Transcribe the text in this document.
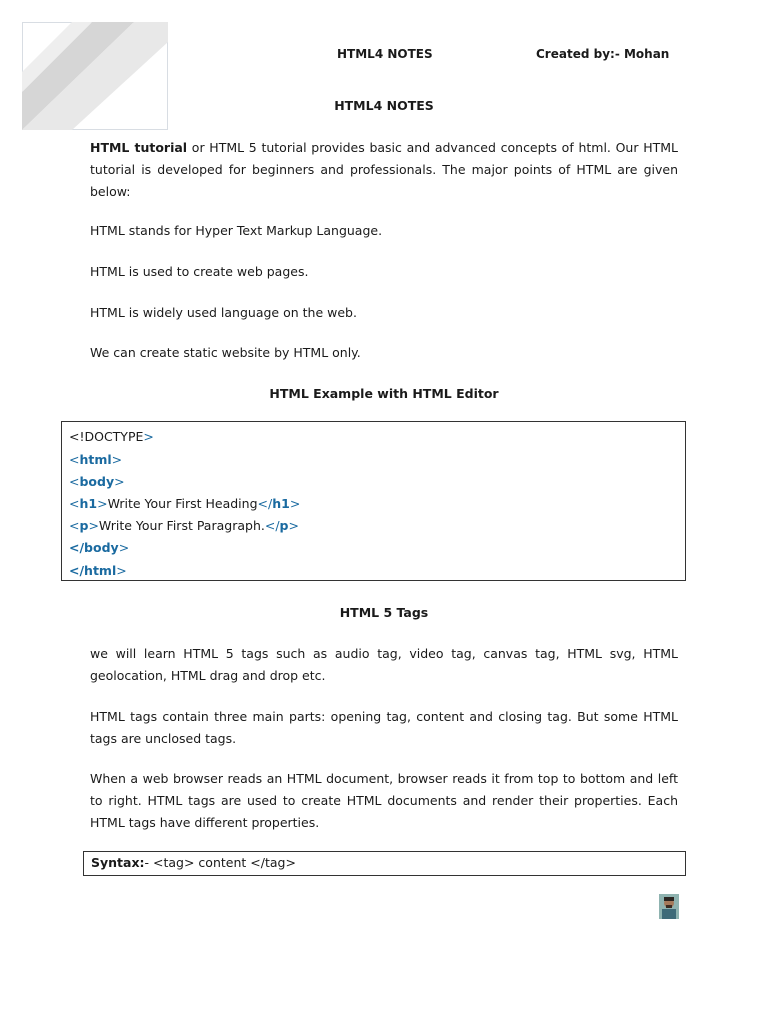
HTML4 NOTES	Created by:- Mohan
HTML4 NOTES
HTML tutorial or HTML 5 tutorial provides basic and advanced concepts of html. Our HTML tutorial is developed for beginners and professionals. The major points of HTML are given below:
HTML stands for Hyper Text Markup Language.
HTML is used to create web pages.
HTML is widely used language on the web.
We can create static website by HTML only.
HTML Example with HTML Editor
<!DOCTYPE>
<html>
<body>
<h1>Write Your First Heading</h1>
<p>Write Your First Paragraph.</p>
</body>
</html>
HTML 5 Tags
we will learn HTML 5 tags such as audio tag, video tag, canvas tag, HTML svg, HTML geolocation, HTML drag and drop etc.
HTML tags contain three main parts: opening tag, content and closing tag. But some HTML tags are unclosed tags.
When a web browser reads an HTML document, browser reads it from top to bottom and left to right. HTML tags are used to create HTML documents and render their properties. Each HTML tags have different properties.
Syntax:- <tag> content </tag>
